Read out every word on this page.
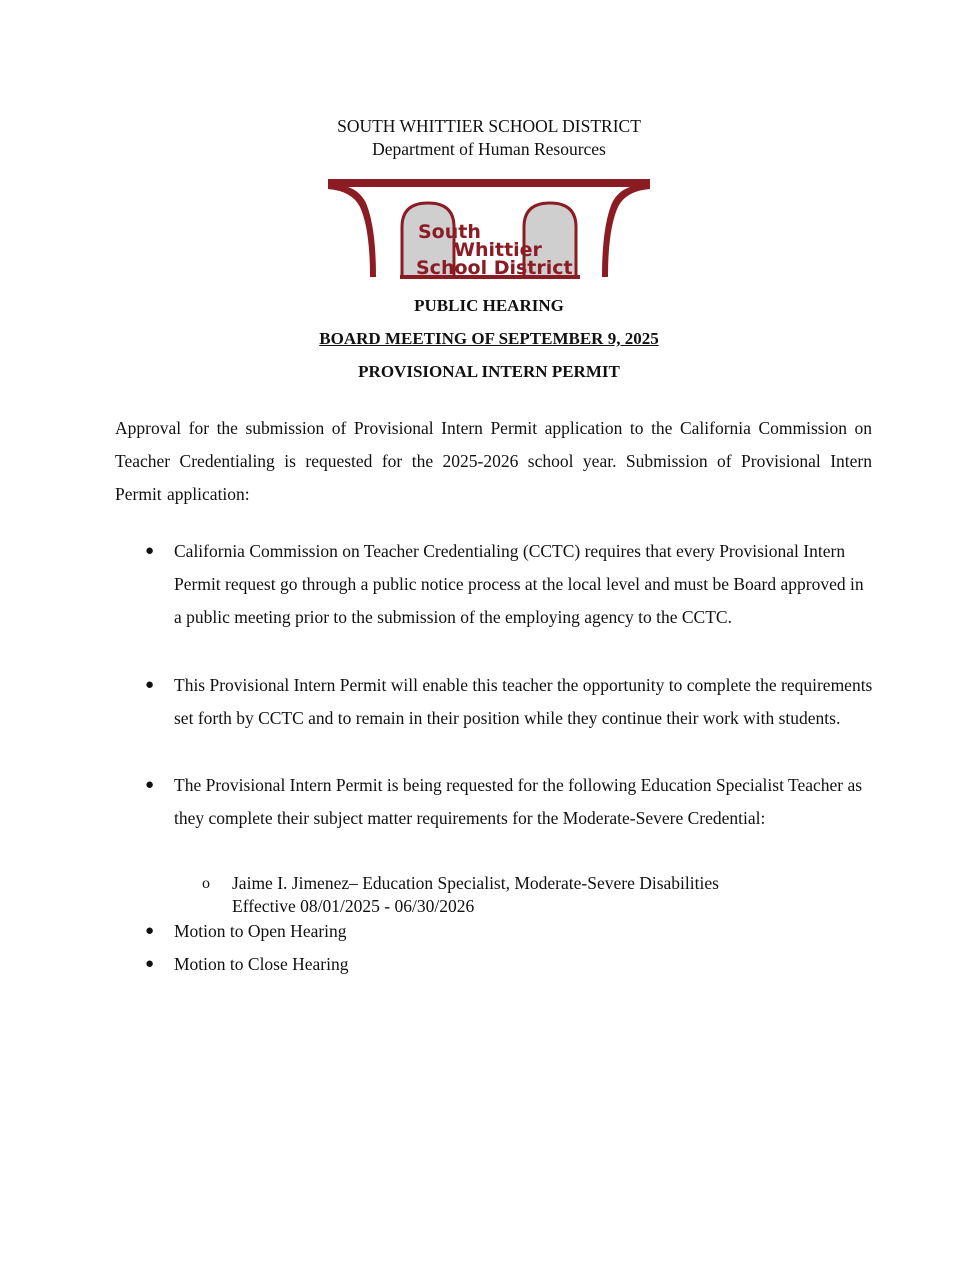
SOUTH WHITTIER SCHOOL DISTRICT
Department of Human Resources
South
Whittier
School District
PUBLIC HEARING
BOARD MEETING OF SEPTEMBER 9, 2025
PROVISIONAL INTERN PERMIT

Approval for the submission of Provisional Intern Permit application to the California Commission on Teacher Credentialing is requested for the 2025-2026 school year. Submission of Provisional Intern Permit application:

● California Commission on Teacher Credentialing (CCTC) requires that every Provisional Intern Permit request go through a public notice process at the local level and must be Board approved in a public meeting prior to the submission of the employing agency to the CCTC.
● This Provisional Intern Permit will enable this teacher the opportunity to complete the requirements set forth by CCTC and to remain in their position while they continue their work with students.
● The Provisional Intern Permit is being requested for the following Education Specialist Teacher as they complete their subject matter requirements for the Moderate-Severe Credential:
o Jaime I. Jimenez– Education Specialist, Moderate-Severe Disabilities
Effective 08/01/2025 - 06/30/2026
● Motion to Open Hearing
● Motion to Close Hearing
